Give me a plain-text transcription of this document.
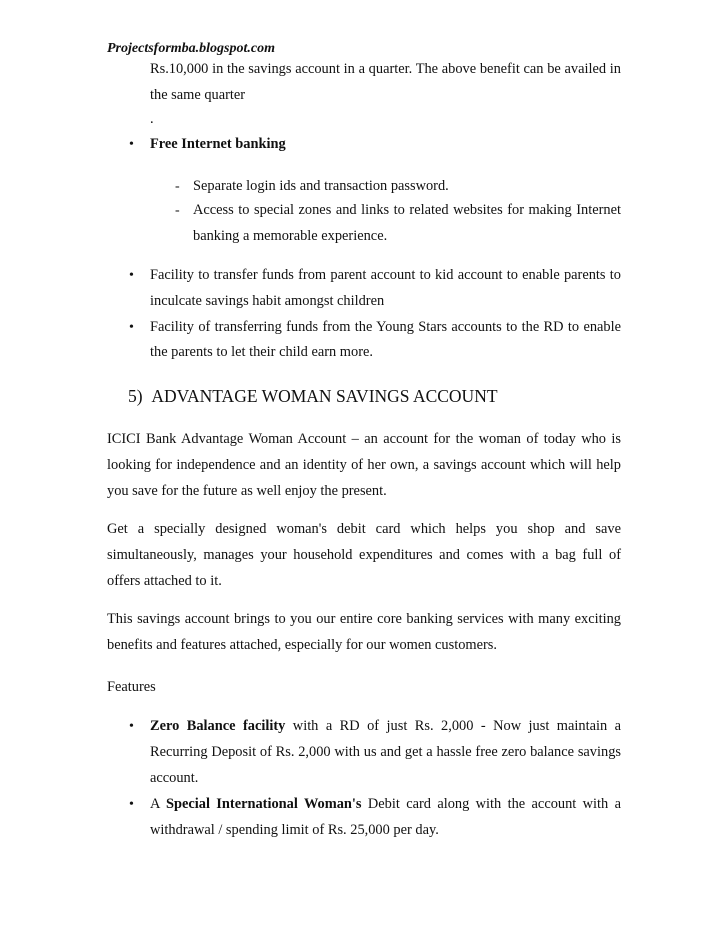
Projectsformba.blogspot.com
Rs.10,000 in the savings account in a quarter. The above benefit can be availed in
the same quarter
.
• Free Internet banking
- Separate login ids and transaction password.
- Access to special zones and links to related websites for making Internet
banking a memorable experience.
• Facility to transfer funds from parent account to kid account to enable parents to
inculcate savings habit amongst children
• Facility of transferring funds from the Young Stars accounts to the RD to enable
the parents to let their child earn more.
5) ADVANTAGE WOMAN SAVINGS ACCOUNT
ICICI Bank Advantage Woman Account – an account for the woman of today who is
looking for independence and an identity of her own, a savings account which will help
you save for the future as well enjoy the present.
Get a specially designed woman's debit card which helps you shop and save
simultaneously, manages your household expenditures and comes with a bag full of
offers attached to it.
This savings account brings to you our entire core banking services with many exciting
benefits and features attached, especially for our women customers.
Features
• Zero Balance facility with a RD of just Rs. 2,000 - Now just maintain a
Recurring Deposit of Rs. 2,000 with us and get a hassle free zero balance savings
account.
• A Special International Woman's Debit card along with the account with a
withdrawal / spending limit of Rs. 25,000 per day.
